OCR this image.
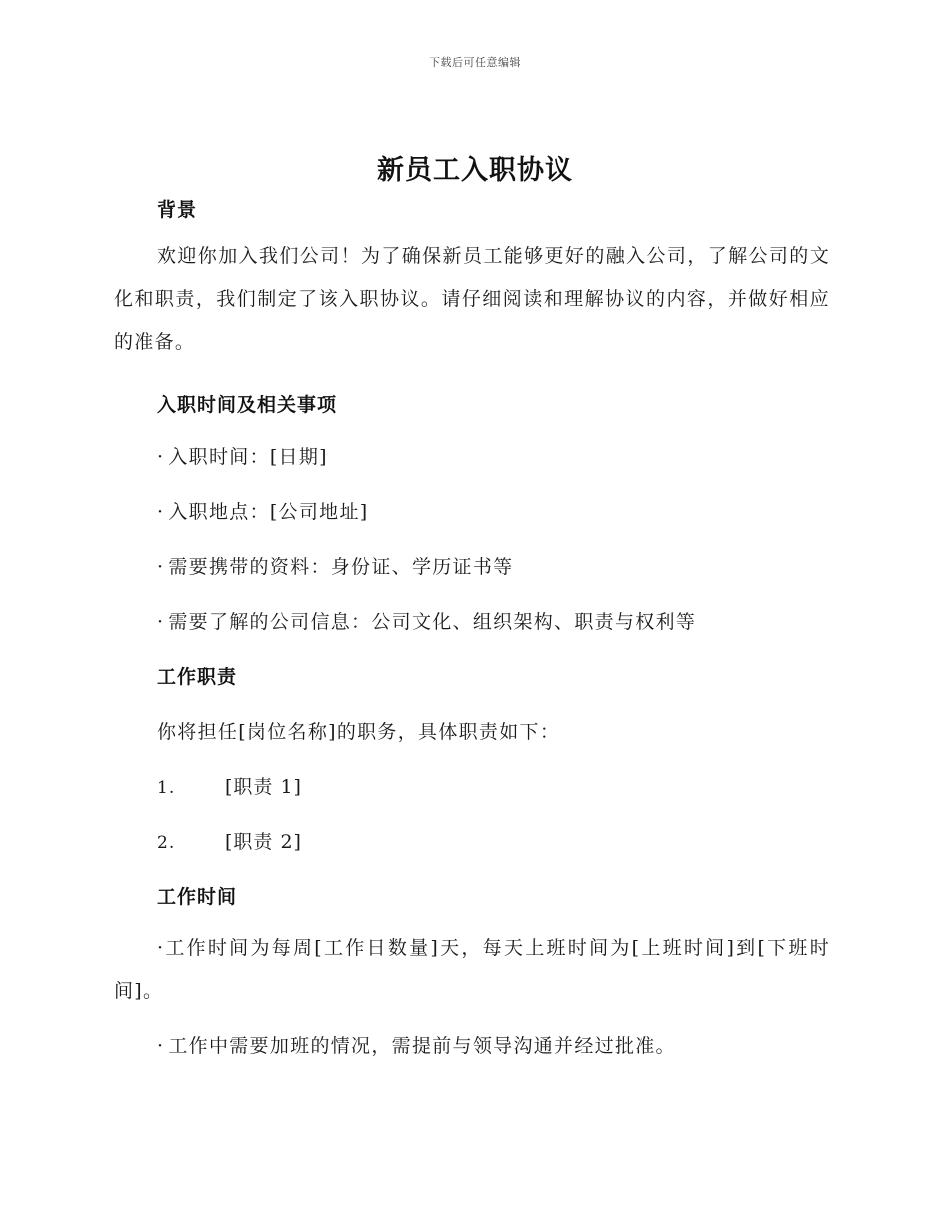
下载后可任意编辑
新员工入职协议
背景
欢迎你加入我们公司！为了确保新员工能够更好的融入公司，了解公司的文化和职责，我们制定了该入职协议。请仔细阅读和理解协议的内容，并做好相应的准备。
入职时间及相关事项
· 入职时间：[日期]
· 入职地点：[公司地址]
· 需要携带的资料：身份证、学历证书等
· 需要了解的公司信息：公司文化、组织架构、职责与权利等
工作职责
你将担任[岗位名称]的职务，具体职责如下：
1.	[职责 1]
2.	[职责 2]
工作时间
·工作时间为每周[工作日数量]天，每天上班时间为[上班时间]到[下班时间]。
· 工作中需要加班的情况，需提前与领导沟通并经过批准。
